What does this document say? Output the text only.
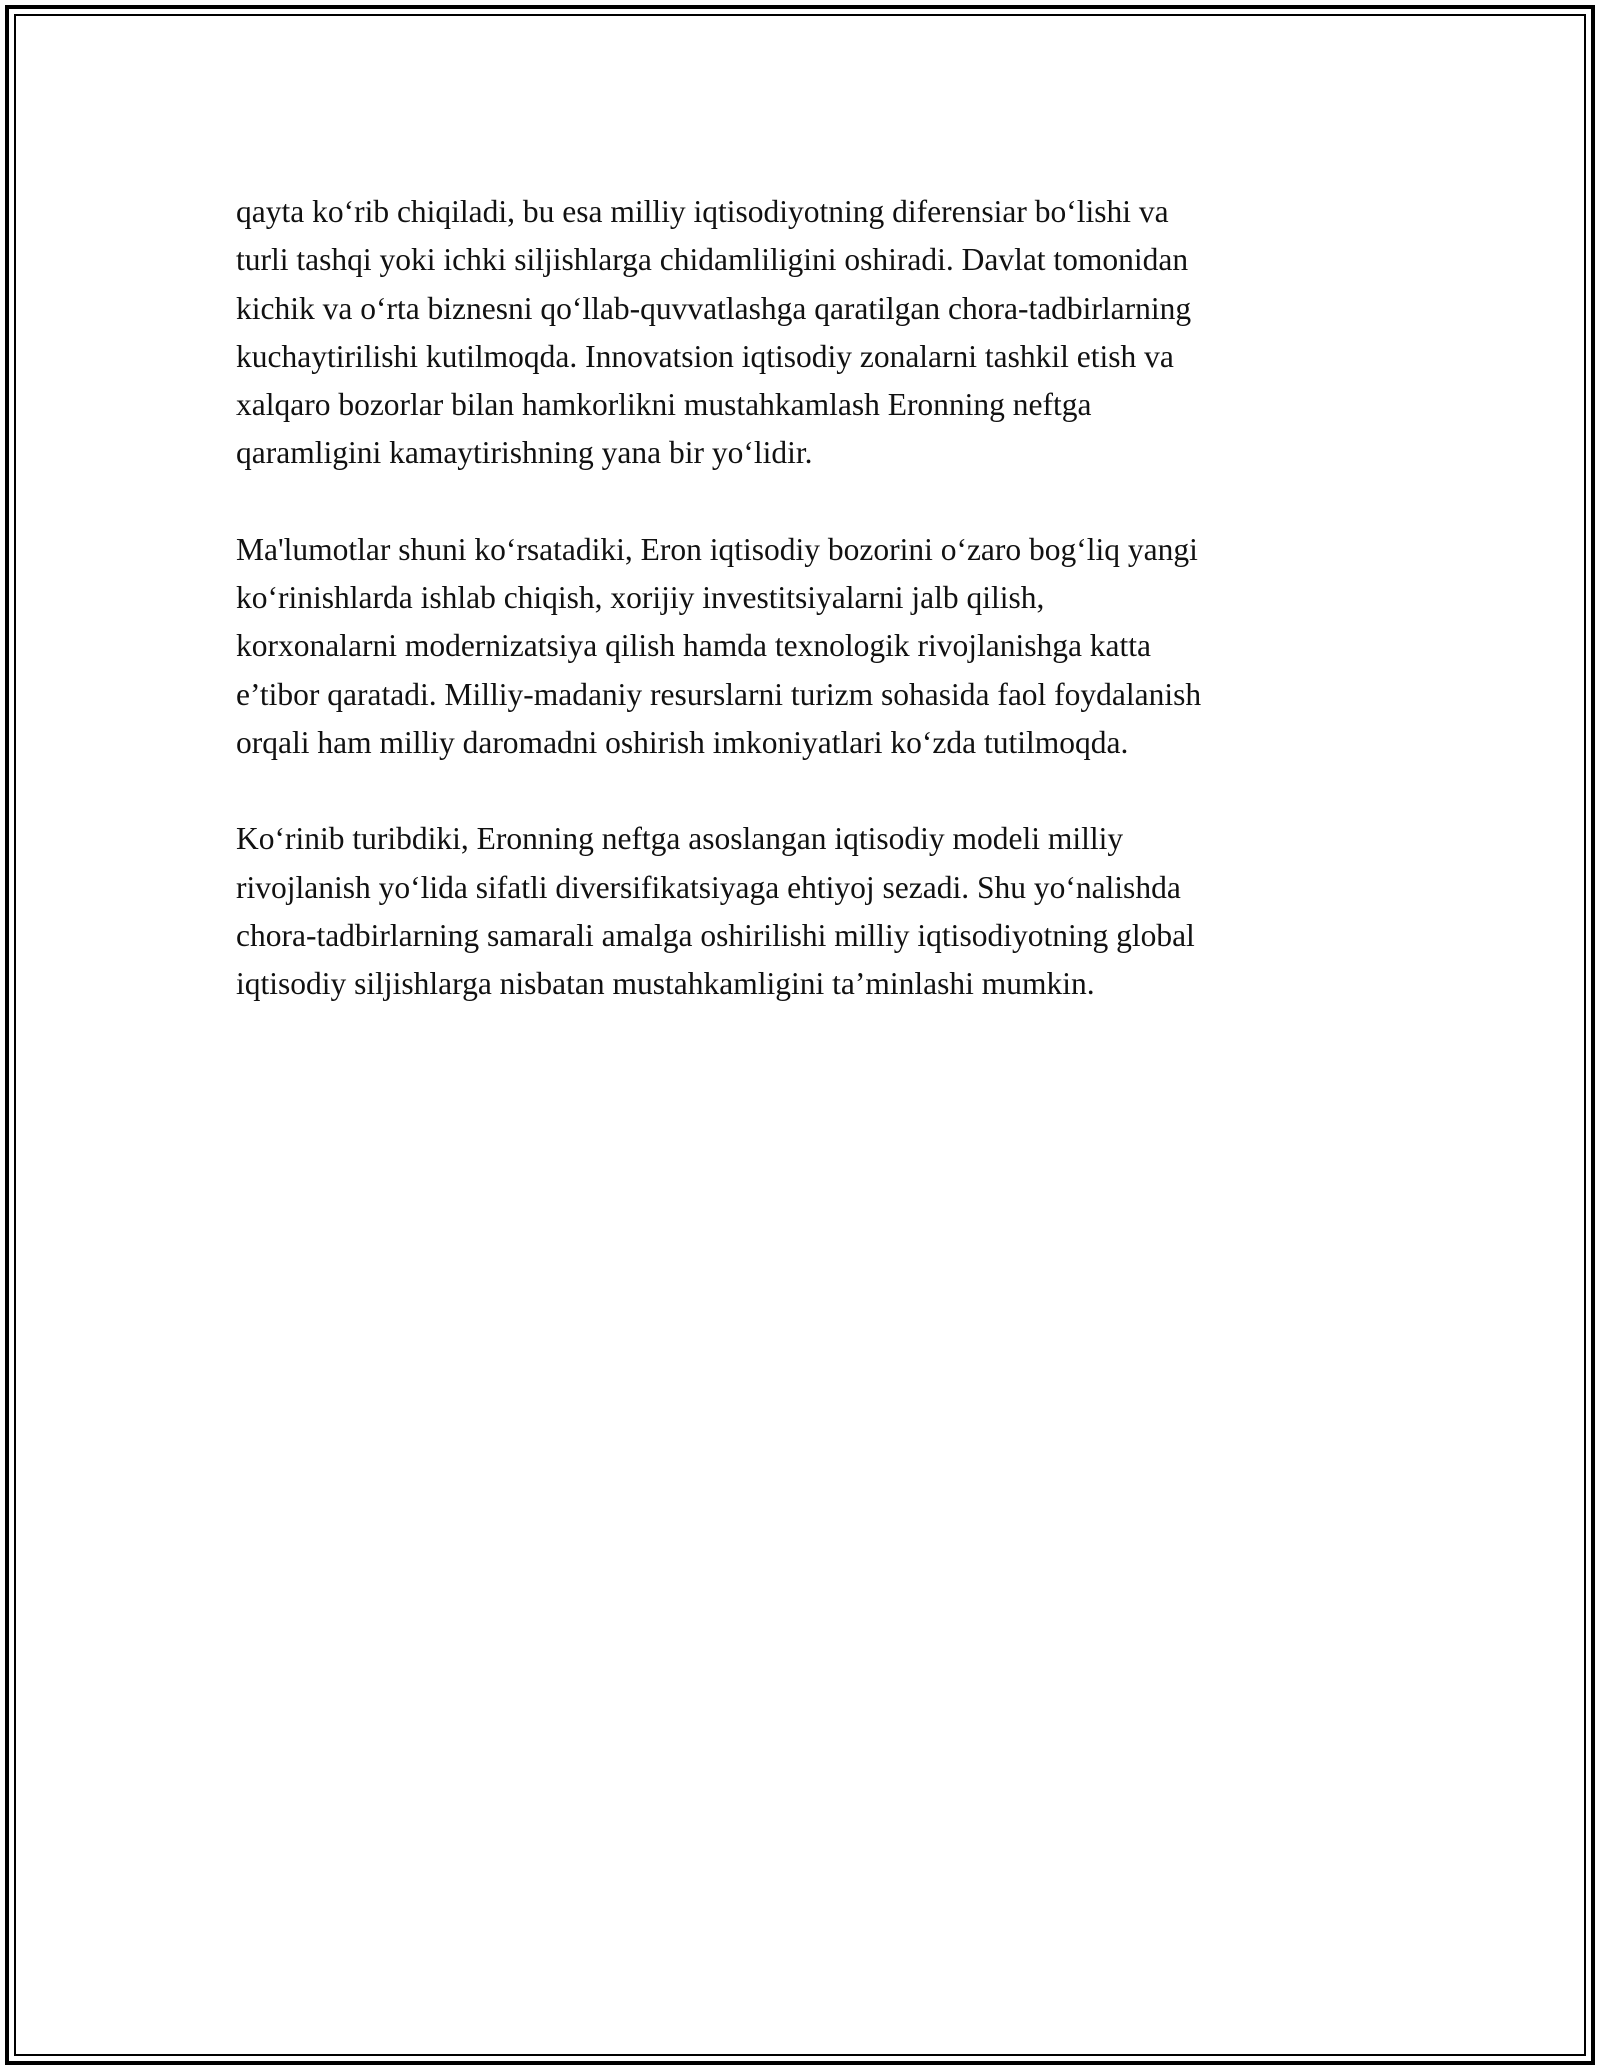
qayta koʻrib chiqiladi, bu esa milliy iqtisodiyotning diferensiar boʻlishi va
turli tashqi yoki ichki siljishlarga chidamliligini oshiradi. Davlat tomonidan
kichik va oʻrta biznesni qoʻllab-quvvatlashga qaratilgan chora-tadbirlarning
kuchaytirilishi kutilmoqda. Innovatsion iqtisodiy zonalarni tashkil etish va
xalqaro bozorlar bilan hamkorlikni mustahkamlash Eronning neftga
qaramligini kamaytirishning yana bir yoʻlidir.

Ma'lumotlar shuni koʻrsatadiki, Eron iqtisodiy bozorini oʻzaro bogʻliq yangi
koʻrinishlarda ishlab chiqish, xorijiy investitsiyalarni jalb qilish,
korxonalarni modernizatsiya qilish hamda texnologik rivojlanishga katta
e’tibor qaratadi. Milliy-madaniy resurslarni turizm sohasida faol foydalanish
orqali ham milliy daromadni oshirish imkoniyatlari koʻzda tutilmoqda.

Koʻrinib turibdiki, Eronning neftga asoslangan iqtisodiy modeli milliy
rivojlanish yoʻlida sifatli diversifikatsiyaga ehtiyoj sezadi. Shu yoʻnalishda
chora-tadbirlarning samarali amalga oshirilishi milliy iqtisodiyotning global
iqtisodiy siljishlarga nisbatan mustahkamligini ta’minlashi mumkin.
